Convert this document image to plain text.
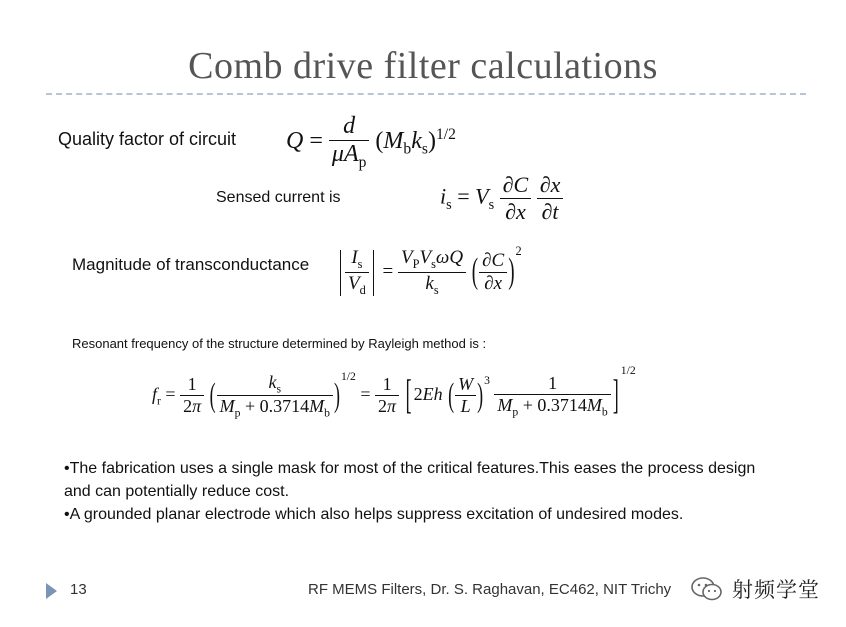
Comb drive filter calculations
Quality factor of circuit $Q = \frac{d}{\mu A_p} (M_bk_s)^{1/2}$
Sensed current is	$i_s = V_s \frac{\partial C}{\partial x}$
$\frac{\partial x}{\partial t}$
Magnitude of transconductance $\frac{I_s}{V_d} = \frac{V_PV_s\omega Q}{k_s}$ ( $\frac{\partial C}{\partial x} )^2$
Resonant frequency of the structure determined by Rayleigh method is :
$f_r = \frac{1}{2\pi}$ ( $\frac{k_s}{M_p + 0.3714M_b} )^{1/2} = \frac{1}{2\pi}$ [ 2Eh ( $\frac{W}{L} )^3 \frac{1}{M_p + 0.3714M_b} ]^{1/2}$
•The fabrication uses a single mask for most of the critical features.This eases the process design and can potentially reduce cost.
•A grounded planar electrode which also helps suppress excitation of undesired modes.
13	RF MEMS Filters, Dr. S. Raghavan, EC462, NIT Trichy	射频学堂
